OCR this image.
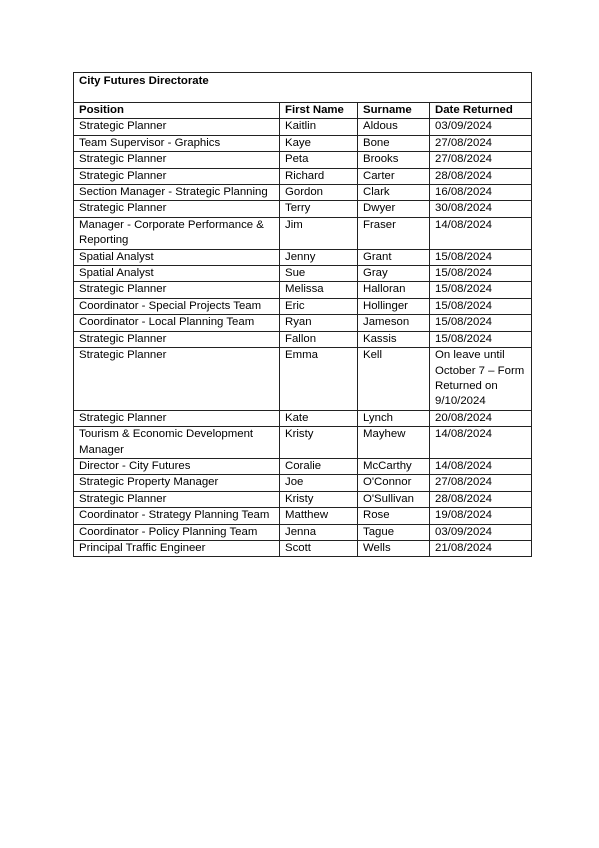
City Futures Directorate			
Position	First Name	Surname	Date Returned
Strategic Planner	Kaitlin	Aldous	03/09/2024
Team Supervisor - Graphics	Kaye	Bone	27/08/2024
Strategic Planner	Peta	Brooks	27/08/2024
Strategic Planner	Richard	Carter	28/08/2024
Section Manager - Strategic Planning	Gordon	Clark	16/08/2024
Strategic Planner	Terry	Dwyer	30/08/2024
Manager - Corporate Performance & Reporting	Jim	Fraser	14/08/2024
Spatial Analyst	Jenny	Grant	15/08/2024
Spatial Analyst	Sue	Gray	15/08/2024
Strategic Planner	Melissa	Halloran	15/08/2024
Coordinator - Special Projects Team	Eric	Hollinger	15/08/2024
Coordinator - Local Planning Team	Ryan	Jameson	15/08/2024
Strategic Planner	Fallon	Kassis	15/08/2024
Strategic Planner	Emma	Kell	On leave until October 7 – Form Returned on 9/10/2024
Strategic Planner	Kate	Lynch	20/08/2024
Tourism & Economic Development Manager	Kristy	Mayhew	14/08/2024
Director - City Futures	Coralie	McCarthy	14/08/2024
Strategic Property Manager	Joe	O'Connor	27/08/2024
Strategic Planner	Kristy	O'Sullivan	28/08/2024
Coordinator - Strategy Planning Team	Matthew	Rose	19/08/2024
Coordinator - Policy Planning Team	Jenna	Tague	03/09/2024
Principal Traffic Engineer	Scott	Wells	21/08/2024
